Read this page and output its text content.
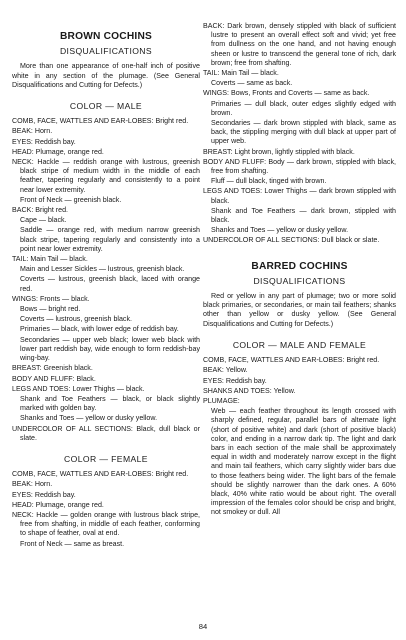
BROWN COCHINS
DISQUALIFICATIONS

More than one appearance of one-half inch of positive white in any section of the plumage. (See General Disqualifications and Cutting for Defects.)

COLOR — MALE

COMB, FACE, WATTLES AND EAR-LOBES: Bright red.

BEAK: Horn.

EYES: Reddish bay.

HEAD: Plumage, orange red.

NECK: Hackle — reddish orange with lustrous, greenish black stripe of medium width in the middle of each feather, tapering regularly and consistently to a point near lower extremity.

Front of Neck — greenish black.

BACK: Bright red.

Cape — black.

Saddle — orange red, with medium narrow greenish black stripe, tapering regularly and consistently into a point near lower extremity.

TAIL: Main Tail — black.

Main and Lesser Sickles — lustrous, greenish black.

Coverts — lustrous, greenish black, laced with orange red.

WINGS: Fronts — black.

Bows — bright red.

Coverts — lustrous, greenish black.

Primaries — black, with lower edge of reddish bay.

Secondaries — upper web black; lower web black with lower part reddish bay, wide enough to form reddish-bay wing-bay.

BREAST: Greenish black.

BODY AND FLUFF: Black.

LEGS AND TOES: Lower Thighs — black.

Shank and Toe Feathers — black, or black slightly marked with golden bay.

Shanks and Toes — yellow or dusky yellow.

UNDERCOLOR OF ALL SECTIONS: Black, dull black or slate.

COLOR — FEMALE

COMB, FACE, WATTLES AND EAR-LOBES: Bright red.

BEAK: Horn.

EYES: Reddish bay.

HEAD: Plumage, orange red.

NECK: Hackle — golden orange with lustrous black stripe, free from shafting, in middle of each feather, conforming to shape of feather, oval at end.

Front of Neck — same as breast.

BACK: Dark brown, densely stippled with black of sufficient lustre to present an overall effect soft and vivid; yet free from dullness on the one hand, and not having enough sheen or lustre to transcend the general tone of rich, dark brown; free from shafting.

TAIL: Main Tail — black.

Coverts — same as back.

WINGS: Bows, Fronts and Coverts — same as back.

Primaries — dull black, outer edges slightly edged with brown.

Secondaries — dark brown stippled with black, same as back, the stippling merging with dull black at upper part of upper web.

BREAST: Light brown, lightly stippled with black.

BODY AND FLUFF: Body — dark brown, stippled with black, free from shafting.

Fluff — dull black, tinged with brown.

LEGS AND TOES: Lower Thighs — dark brown stippled with black.

Shank and Toe Feathers — dark brown, stippled with black.

Shanks and Toes — yellow or dusky yellow.

UNDERCOLOR OF ALL SECTIONS: Dull black or slate.

BARRED COCHINS
DISQUALIFICATIONS

Red or yellow in any part of plumage; two or more solid black primaries, or secondaries, or main tail feathers; shanks other than yellow or dusky yellow. (See General Disqualifications and Cutting for Defects.)

COLOR — MALE AND FEMALE

COMB, FACE, WATTLES AND EAR-LOBES: Bright red.

BEAK: Yellow.

EYES: Reddish bay.

SHANKS AND TOES: Yellow.

PLUMAGE:

Web — each feather throughout its length crossed with sharply defined, regular, parallel bars of alternate light (short of positive white) and dark (short of positive black) color, and ending in a narrow dark tip. The light and dark bars in each section of the male shall be approximately equal in width and moderately narrow except in the flight and main tail feathers, which carry slightly wider bars due to those feathers being wider. The light bars of the female should be slightly narrower than the dark ones. A 60% black, 40% white ratio would be about right. The overall impression of the females color should be crisp and bright, not smokey or dull. All

84
